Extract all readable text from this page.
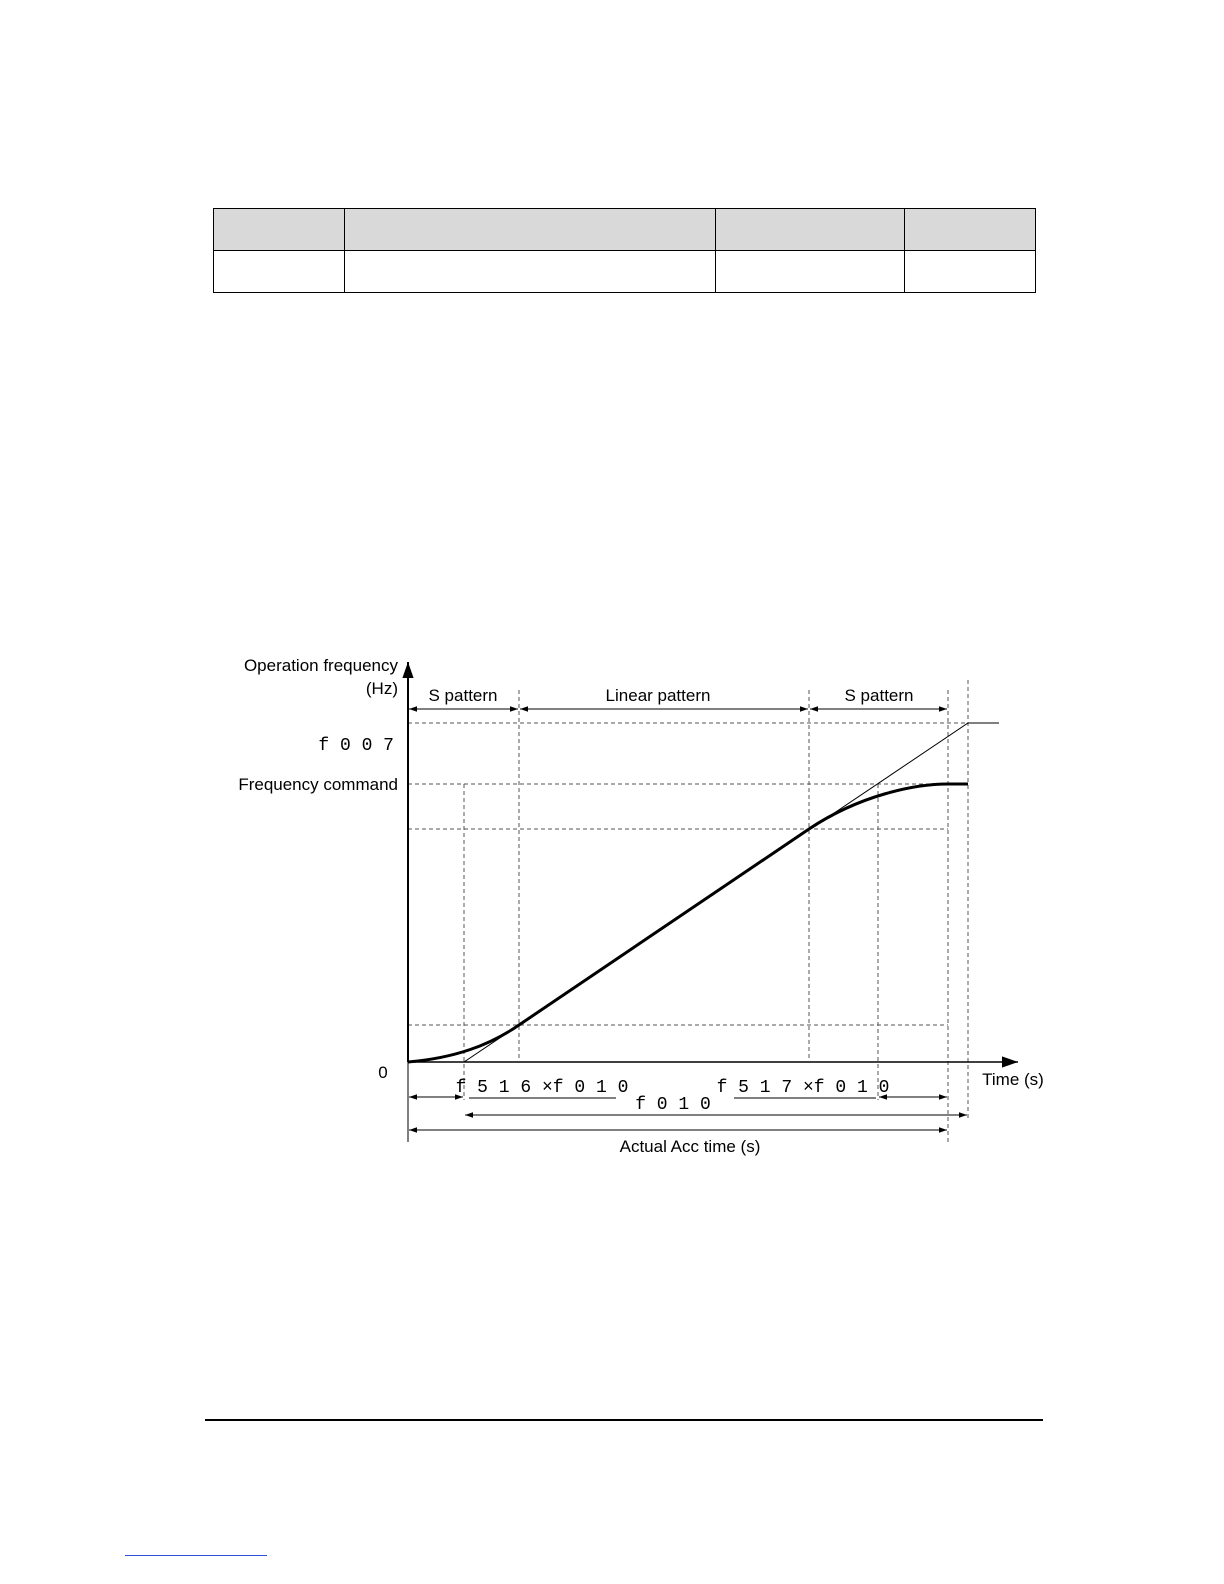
Operation frequency
(Hz) S pattern	Linear pattern	S pattern
f 0 0 7
Frequency command
0	Time (s)
f 5 1 6 ×f 0 1 0
f 0 1 0
f 5 1 7 ×f 0 1 0
Actual Acc time (s)
